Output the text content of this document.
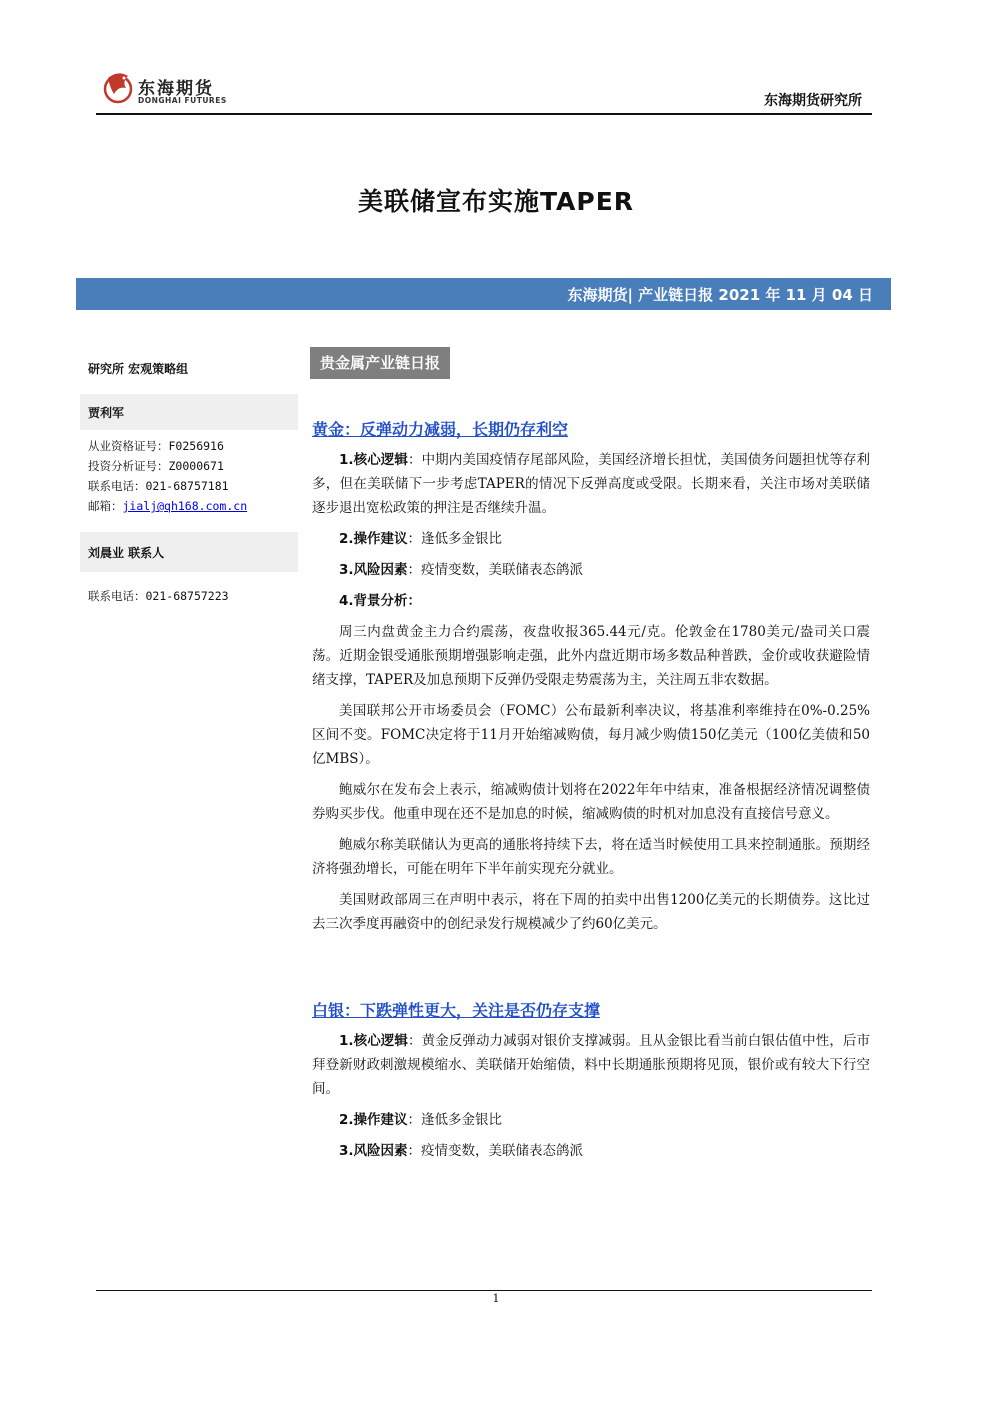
东海期货
DONGHAI FUTURES	东海期货研究所
美联储宣布实施TAPER
东海期货| 产业链日报 2021 年 11 月 04 日
研究所 宏观策略组
贾利军
从业资格证号：F0256916
投资分析证号：Z0000671
联系电话：021-68757181
邮箱：jialj@qh168.com.cn
刘晨业 联系人
联系电话：021-68757223
贵金属产业链日报
黄金：反弹动力减弱，长期仍存利空

1.核心逻辑：中期内美国疫情存尾部风险，美国经济增长担忧，美国债务问题担忧等存利多，但在美联储下一步考虑TAPER的情况下反弹高度或受限。长期来看，关注市场对美联储逐步退出宽松政策的押注是否继续升温。

2.操作建议：逢低多金银比

3.风险因素：疫情变数，美联储表态鸽派

4.背景分析：

周三内盘黄金主力合约震荡，夜盘收报365.44元/克。伦敦金在1780美元/盎司关口震荡。近期金银受通胀预期增强影响走强，此外内盘近期市场多数品种普跌，金价或收获避险情绪支撑，TAPER及加息预期下反弹仍受限走势震荡为主，关注周五非农数据。

美国联邦公开市场委员会（FOMC）公布最新利率决议，将基准利率维持在0%-0.25%区间不变。FOMC决定将于11月开始缩减购债，每月减少购债150亿美元（100亿美债和50亿MBS）。

鲍威尔在发布会上表示，缩减购债计划将在2022年年中结束，准备根据经济情况调整债券购买步伐。他重申现在还不是加息的时候，缩减购债的时机对加息没有直接信号意义。

鲍威尔称美联储认为更高的通胀将持续下去，将在适当时候使用工具来控制通胀。预期经济将强劲增长，可能在明年下半年前实现充分就业。

美国财政部周三在声明中表示，将在下周的拍卖中出售1200亿美元的长期债券。这比过去三次季度再融资中的创纪录发行规模减少了约60亿美元。

白银：下跌弹性更大，关注是否仍存支撑

1.核心逻辑：黄金反弹动力减弱对银价支撑减弱。且从金银比看当前白银估值中性，后市拜登新财政刺激规模缩水、美联储开始缩债，料中长期通胀预期将见顶，银价或有较大下行空间。

2.操作建议：逢低多金银比

3.风险因素：疫情变数，美联储表态鸽派

1
